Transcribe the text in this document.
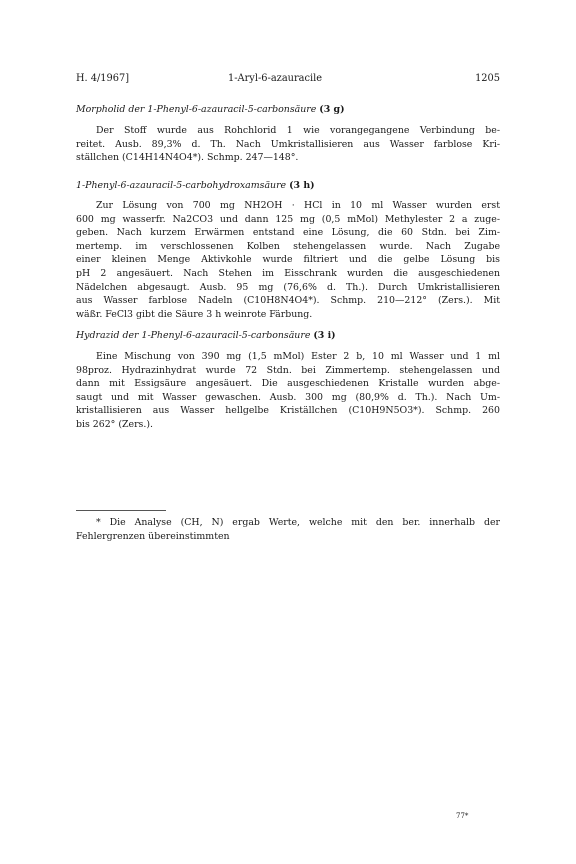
H. 4/1967]	1-Aryl-6-azauracile	1205
Morpholid der 1-Phenyl-6-azauracil-5-carbonsäure (3 g)
Der Stoff wurde aus Rohchlorid 1 wie vorangegangene Verbindung be-
reitet. Ausb. 89,3% d. Th. Nach Umkristallisieren aus Wasser farblose Kri-
ställchen (C14H14N4O4*). Schmp. 247—148°.
1-Phenyl-6-azauracil-5-carbohydroxamsäure (3 h)
Zur Lösung von 700 mg NH2OH · HCl in 10 ml Wasser wurden erst
600 mg wasserfr. Na2CO3 und dann 125 mg (0,5 mMol) Methylester 2 a zuge-
geben. Nach kurzem Erwärmen entstand eine Lösung, die 60 Stdn. bei Zim-
mertemp. im verschlossenen Kolben stehengelassen wurde. Nach Zugabe
einer kleinen Menge Aktivkohle wurde filtriert und die gelbe Lösung bis
pH 2 angesäuert. Nach Stehen im Eisschrank wurden die ausgeschiedenen
Nädelchen abgesaugt. Ausb. 95 mg (76,6% d. Th.). Durch Umkristallisieren
aus Wasser farblose Nadeln (C10H8N4O4*). Schmp. 210—212° (Zers.). Mit
wäßr. FeCl3 gibt die Säure 3 h weinrote Färbung.
Hydrazid der 1-Phenyl-6-azauracil-5-carbonsäure (3 i)
Eine Mischung von 390 mg (1,5 mMol) Ester 2 b, 10 ml Wasser und 1 ml
98proz. Hydrazinhydrat wurde 72 Stdn. bei Zimmertemp. stehengelassen und
dann mit Essigsäure angesäuert. Die ausgeschiedenen Kristalle wurden abge-
saugt und mit Wasser gewaschen. Ausb. 300 mg (80,9% d. Th.). Nach Um-
kristallisieren aus Wasser hellgelbe Kriställchen (C10H9N5O3*). Schmp. 260
bis 262° (Zers.).
* Die Analyse (CH, N) ergab Werte, welche mit den ber. innerhalb der
Fehlergrenzen übereinstimmten
77*
